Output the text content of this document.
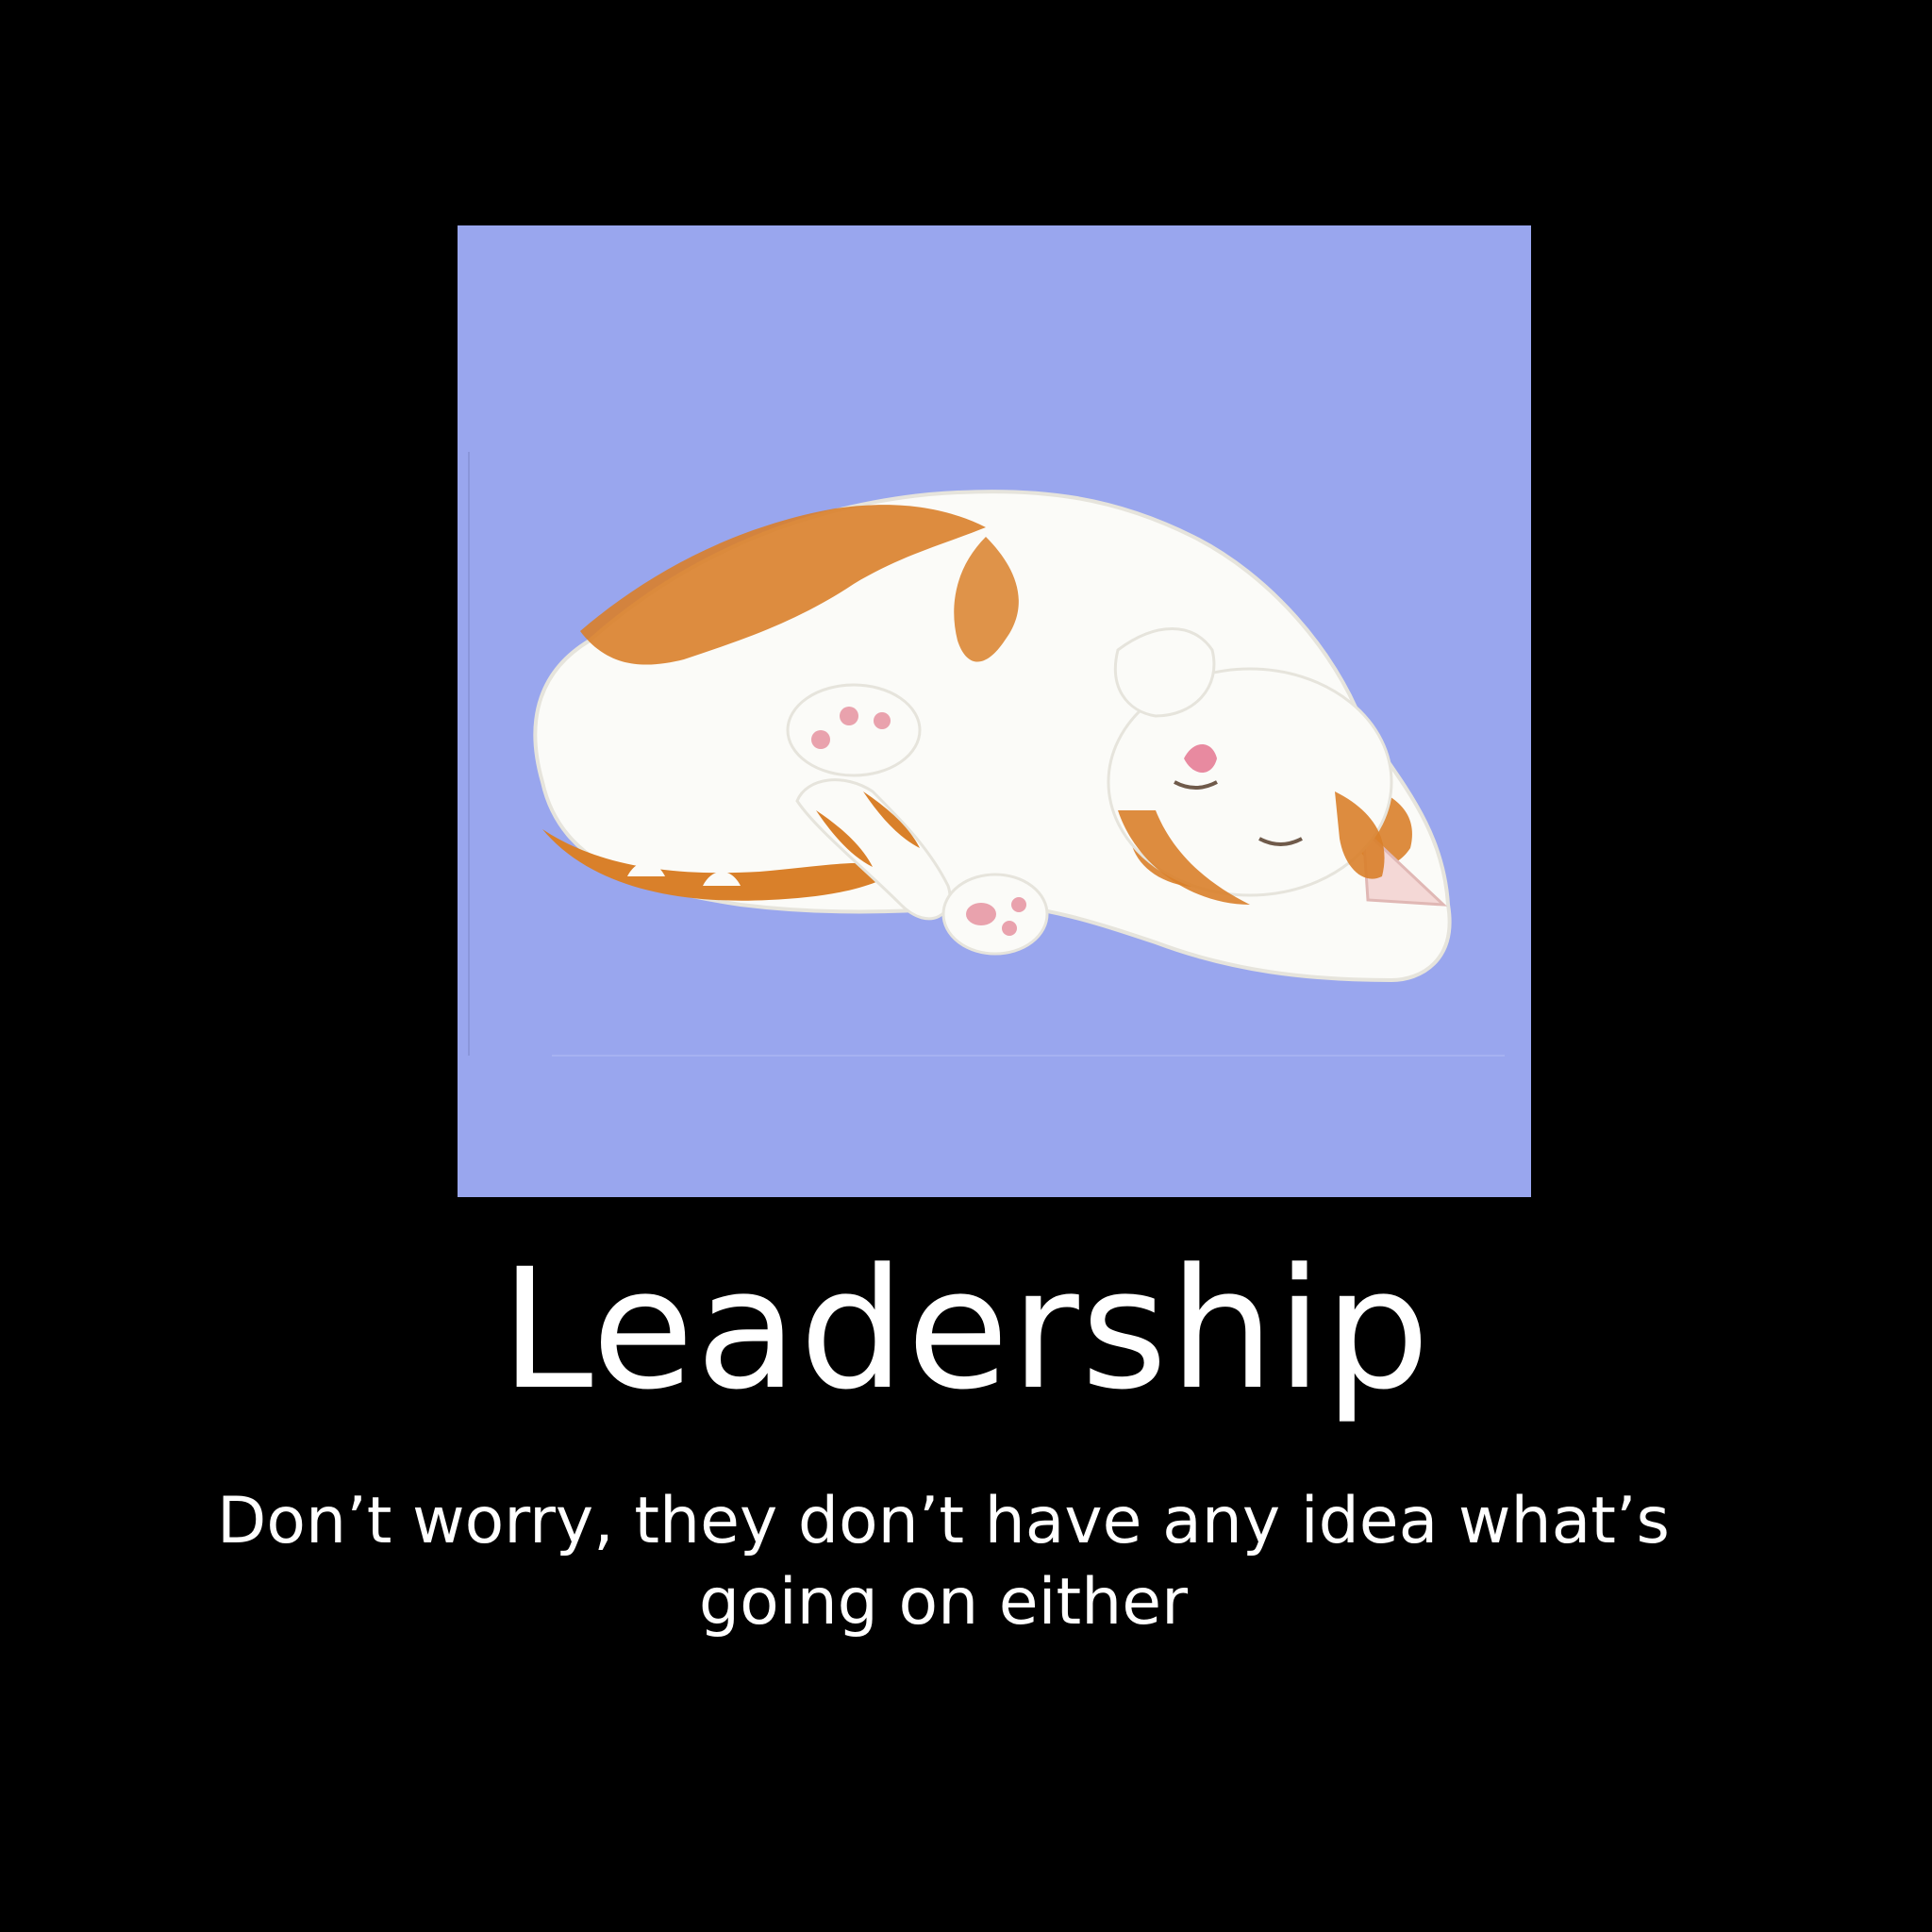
Leadership
Don’t worry, they don’t have any idea what’s going on either
